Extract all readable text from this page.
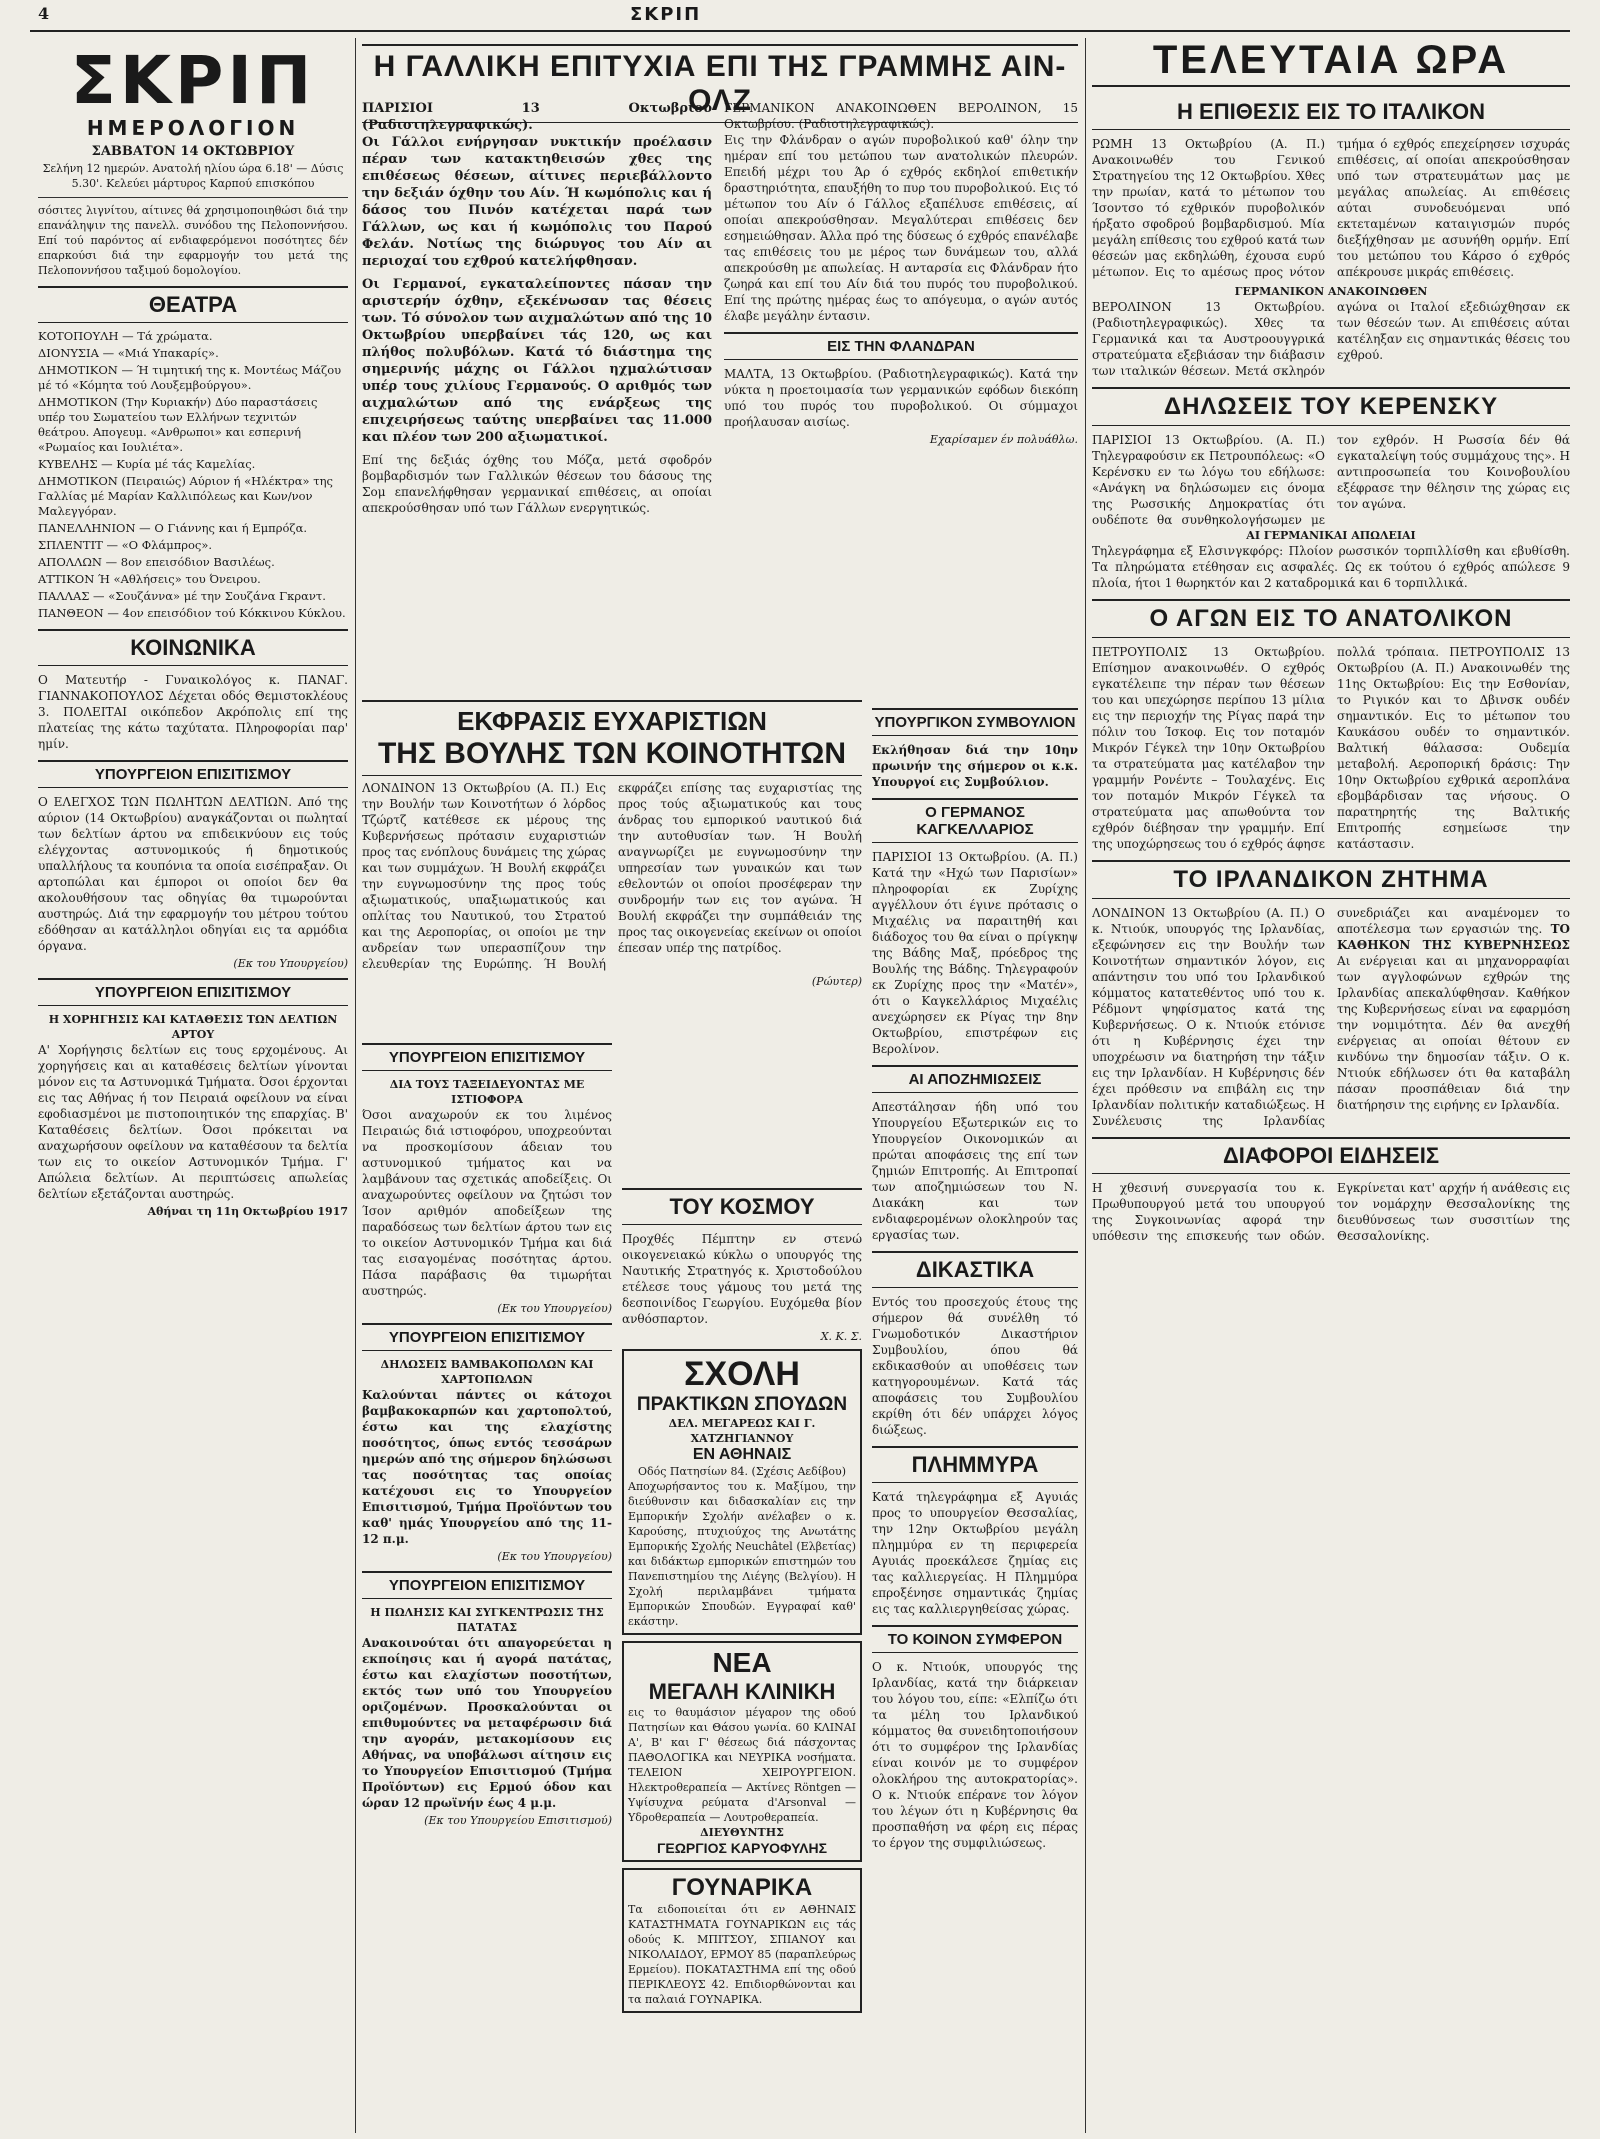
4	ΣΚΡΙΠ
ΣΚΡΙΠ
ΗΜΕΡΟΛΟΓΙΟΝ
ΣΑΒΒΑΤΟΝ 14 ΟΚΤΩΒΡΙΟΥ
Σελήνη 12 ημερών. Ανατολή ηλίου ώρα 6.18' — Δύσις 5.30'. Κελεύει μάρτυρος Καρπού επισκόπου
σόσιτες λιγνίτου, αίτινες θά χρησιμοποιηθώσι διά την επανάληψιν της πανελλ. συνόδου της Πελοποννήσου. Επί τού παρόντος αί ενδιαφερόμενοι ποσότητες δέν επαρκούσι διά την εφαρμογήν του μετά της Πελοποννήσου ταξιμού δομολογίου.
ΘΕΑΤΡΑ

ΚΟΤΟΠΟΥΛΗ — Τά χρώματα.

ΔΙΟΝΥΣΙΑ — «Μιά Υπακαρίς».

ΔΗΜΟΤΙΚΟΝ — Ή τιμητική της κ. Μοντέως Μάζου μέ τό «Κόμητα τού Λουξεμβούργου».

ΔΗΜΟΤΙΚΟΝ (Την Κυριακήν) Δύο παραστάσεις υπέρ του Σωματείου των Ελλήνων τεχνιτών θεάτρου. Απογευμ. «Ανθρωποι» και εσπερινή «Ρωμαίος και Ιουλιέτα».

ΚΥΒΕΛΗΣ — Κυρία μέ τάς Καμελίας.

ΔΗΜΟΤΙΚΟΝ (Πειραιώς) Αύριον ή «Ηλέκτρα» της Γαλλίας μέ Μαρίαν Καλλιπόλεως και Κων/νον Μαλεγγόραν.

ΠΑΝΕΛΛΗΝΙΟΝ — Ο Γιάννης και ή Εμπρόζα.

ΣΠΛΕΝΤΙΤ — «Ο Φλάμπρος».

ΑΠΟΛΛΩΝ — 8ον επεισόδιον Βασιλέως.

ΑΤΤΙΚΟΝ Ή «Αθλήσεις» του Όνειρου.

ΠΑΛΛΑΣ — «Σουζάννα» μέ την Σουζάνα Γκραντ.

ΠΑΝΘΕΟΝ — 4ον επεισόδιον τού Κόκκινου Κύκλου.

ΚΟΙΝΩΝΙΚΑ
Ο Ματευτήρ - Γυναικολόγος κ. ΠΑΝΑΓ. ΓΙΑΝΝΑΚΟΠΟΥΛΟΣ Δέχεται οδός Θεμιστοκλέους 3. ΠΟΛΕΙΤΑΙ οικόπεδον Ακρόπολις επί της πλατείας της κάτω ταχύτατα. Πληροφορίαι παρ' ημίν.
ΥΠΟΥΡΓΕΙΟΝ ΕΠΙΣΙΤΙΣΜΟΥ
Ο ΕΛΕΓΧΟΣ ΤΩΝ ΠΩΛΗΤΩΝ ΔΕΛΤΙΩΝ. Από της αύριον (14 Οκτωβρίου) αναγκάζονται οι πωληταί των δελτίων άρτου να επιδεικνύουν εις τούς ελέγχοντας αστυνομικούς ή δημοτικούς υπαλλήλους τα κουπόνια τα οποία εισέπραξαν. Οι αρτοπώλαι και έμποροι οι οποίοι δεν θα ακολουθήσουν τας οδηγίας θα τιμωρούνται αυστηρώς. Διά την εφαρμογήν του μέτρου τούτου εδόθησαν αι κατάλληλοι οδηγίαι εις τα αρμόδια όργανα.
(Εκ του Υπουργείου)
ΥΠΟΥΡΓΕΙΟΝ ΕΠΙΣΙΤΙΣΜΟΥ
Η ΧΟΡΗΓΗΣΙΣ ΚΑΙ ΚΑΤΑΘΕΣΙΣ ΤΩΝ ΔΕΛΤΙΩΝ ΑΡΤΟΥ
Α' Χορήγησις δελτίων εις τους ερχομένους. Αι χορηγήσεις και αι καταθέσεις δελτίων γίνονται μόνον εις τα Αστυνομικά Τμήματα. Όσοι έρχονται εις τας Αθήνας ή τον Πειραιά οφείλουν να είναι εφοδιασμένοι με πιστοποιητικόν της επαρχίας. Β' Καταθέσεις δελτίων. Όσοι πρόκειται να αναχωρήσουν οφείλουν να καταθέσουν τα δελτία των εις το οικείον Αστυνομικόν Τμήμα. Γ' Απώλεια δελτίων. Αι περιπτώσεις απωλείας δελτίων εξετάζονται αυστηρώς.
Αθήναι τη 11η Οκτωβρίου 1917
Η ΓΑΛΛΙΚΗ ΕΠΙΤΥΧΙΑ ΕΠΙ ΤΗΣ ΓΡΑΜΜΗΣ ΑΙΝ-ΟΛΖ
ΠΑΡΙΣΙΟΙ 13 Οκτωβρίου (Ραδιοτηλεγραφικώς).
Οι Γάλλοι ενήργησαν νυκτικήν προέλασιν πέραν των κατακτηθεισών χθες της επιθέσεως θέσεων, αίτινες περιεβάλλοντο την δεξιάν όχθην του Αίν. Ή κωμόπολις και ή δάσος του Πινόν κατέχεται παρά των Γάλλων, ως και ή κωμόπολις του Παρού Φελάν. Νοτίως της διώρυγος του Αίν αι περιοχαί του εχθρού κατελήφθησαν.
Οι Γερμανοί, εγκαταλείποντες πάσαν την αριστερήν όχθην, εξεκένωσαν τας θέσεις των. Τό σύνολον των αιχμαλώτων από της 10 Οκτωβρίου υπερβαίνει τάς 120, ως και πλήθος πολυβόλων. Κατά τό διάστημα της σημερινής μάχης οι Γάλλοι ηχμαλώτισαν υπέρ τους χιλίους Γερμανούς. Ο αριθμός των αιχμαλώτων από της ενάρξεως της επιχειρήσεως ταύτης υπερβαίνει τας 11.000 και πλέον των 200 αξιωματικοί.
Επί της δεξιάς όχθης του Μόζα, μετά σφοδρόν βομβαρδισμόν των Γαλλικών θέσεων του δάσους της Σομ επανελήφθησαν γερμανικαί επιθέσεις, αι οποίαι απεκρούσθησαν υπό των Γάλλων ενεργητικώς.
ΓΕΡΜΑΝΙΚΟΝ ΑΝΑΚΟΙΝΩΘΕΝ ΒΕΡΟΛΙΝΟΝ, 15 Οκτωβρίου. (Ραδιοτηλεγραφικώς).
Εις την Φλάνδραν ο αγών πυροβολικού καθ' όλην την ημέραν επί του μετώπου των ανατολικών πλευρών. Επειδή μέχρι του Άρ ό εχθρός εκδηλοί επιθετικήν δραστηριότητα, επαυξήθη το πυρ του πυροβολικού. Εις τό μέτωπον του Αίν ό Γάλλος εξαπέλυσε επιθέσεις, αί οποίαι απεκρούσθησαν. Μεγαλύτεραι επιθέσεις δεν εσημειώθησαν. Άλλα πρό της δύσεως ό εχθρός επανέλαβε τας επιθέσεις του με μέρος των δυνάμεων του, αλλά απεκρούσθη με απωλείας. Η ανταρσία εις Φλάνδραν ήτο ζωηρά και επί του Αίν διά του πυρός του πυροβολικού. Επί της πρώτης ημέρας έως το απόγευμα, ο αγών αυτός έλαβε μεγάλην έντασιν.
ΕΙΣ ΤΗΝ ΦΛΑΝΔΡΑΝ
ΜΑΛΤΑ, 13 Οκτωβρίου. (Ραδιοτηλεγραφικώς). Κατά την νύκτα η προετοιμασία των γερμανικών εφόδων διεκόπη υπό του πυρός του πυροβολικού. Οι σύμμαχοι προήλαυσαν αισίως.
Εχαρίσαμεν έν πολυάθλω.
ΕΚΦΡΑΣΙΣ ΕΥΧΑΡΙΣΤΙΩΝ
ΤΗΣ ΒΟΥΛΗΣ ΤΩΝ ΚΟΙΝΟΤΗΤΩΝ
ΛΟΝΔΙΝΟΝ 13 Οκτωβρίου (Α. Π.) Εις την Βουλήν των Κοινοτήτων ό λόρδος Τζώρτζ κατέθεσε εκ μέρους της Κυβερνήσεως πρότασιν ευχαριστιών προς τας ενόπλους δυνάμεις της χώρας και των συμμάχων. Ή Βουλή εκφράζει την ευγνωμοσύνην της προς τούς αξιωματικούς, υπαξιωματικούς και οπλίτας του Ναυτικού, του Στρατού και της Αεροπορίας, οι οποίοι με την ανδρείαν των υπερασπίζουν την ελευθερίαν της Ευρώπης. Ή Βουλή εκφράζει επίσης τας ευχαριστίας της προς τούς αξιωματικούς και τους άνδρας του εμπορικού ναυτικού διά την αυτοθυσίαν των. Ή Βουλή αναγνωρίζει με ευγνωμοσύνην την υπηρεσίαν των γυναικών και των εθελοντών οι οποίοι προσέφεραν την συνδρομήν των εις τον αγώνα. Ή Βουλή εκφράζει την συμπάθειάν της προς τας οικογενείας εκείνων οι οποίοι έπεσαν υπέρ της πατρίδος.
(Ρώυτερ)
ΥΠΟΥΡΓΕΙΟΝ ΕΠΙΣΙΤΙΣΜΟΥ
ΔΙΑ ΤΟΥΣ ΤΑΞΕΙΔΕΥΟΝΤΑΣ ΜΕ ΙΣΤΙΟΦΟΡΑ
Όσοι αναχωρούν εκ του λιμένος Πειραιώς διά ιστιοφόρου, υποχρεούνται να προσκομίσουν άδειαν του αστυνομικού τμήματος και να λαμβάνουν τας σχετικάς αποδείξεις. Οι αναχωρούντες οφείλουν να ζητώσι τον Ίσον αριθμόν αποδείξεων της παραδόσεως των δελτίων άρτου των εις το οικείον Αστυνομικόν Τμήμα και διά τας εισαγομένας ποσότητας άρτου. Πάσα παράβασις θα τιμωρήται αυστηρώς.
(Εκ του Υπουργείου)
ΥΠΟΥΡΓΕΙΟΝ ΕΠΙΣΙΤΙΣΜΟΥ
ΔΗΛΩΣΕΙΣ ΒΑΜΒΑΚΟΠΩΛΩΝ ΚΑΙ ΧΑΡΤΟΠΩΛΩΝ
Καλούνται πάντες οι κάτοχοι βαμβακοκαρπών και χαρτοπολτού, έστω και της ελαχίστης ποσότητος, όπως εντός τεσσάρων ημερών από της σήμερον δηλώσωσι τας ποσότητας τας οποίας κατέχουσι εις το Υπουργείον Επισιτισμού, Τμήμα Προϊόντων του καθ' ημάς Υπουργείου από της 11-12 π.μ.
(Εκ του Υπουργείου)
ΥΠΟΥΡΓΕΙΟΝ ΕΠΙΣΙΤΙΣΜΟΥ
Η ΠΩΛΗΣΙΣ ΚΑΙ ΣΥΓΚΕΝΤΡΩΣΙΣ ΤΗΣ ΠΑΤΑΤΑΣ
Ανακοινούται ότι απαγορεύεται η εκποίησις και ή αγορά πατάτας, έστω και ελαχίστων ποσοτήτων, εκτός των υπό του Υπουργείου οριζομένων. Προσκαλούνται οι επιθυμούντες να μεταφέρωσιν διά την αγοράν, μετακομίσουν εις Αθήνας, να υποβάλωσι αίτησιν εις το Υπουργείον Επισιτισμού (Τμήμα Προϊόντων) εις Ερμού όδον και ώραν 12 πρωϊνήν έως 4 μ.μ.
(Εκ του Υπουργείου Επισιτισμού)
ΤΟΥ ΚΟΣΜΟΥ
Προχθές Πέμπτην εν στενώ οικογενειακώ κύκλω ο υπουργός της Ναυτικής Στρατηγός κ. Χριστοδούλου ετέλεσε τους γάμους του μετά της δεσποινίδος Γεωργίου. Ευχόμεθα βίον ανθόσπαρτον.
Χ. Κ. Σ.
ΣΧΟΛΗ
ΠΡΑΚΤΙΚΩΝ ΣΠΟΥΔΩΝ
ΔΕΛ. ΜΕΓΑΡΕΩΣ ΚΑΙ Γ. ΧΑΤΖΗΓΙΑΝΝΟΥ
ΕΝ ΑΘΗΝΑΙΣ
Οδός Πατησίων 84. (Σχέσις Αεδίβου)
Αποχωρήσαντος του κ. Μαξίμου, την διεύθυνσιν και διδασκαλίαν εις την Εμπορικήν Σχολήν ανέλαβεν ο κ. Καρούσης, πτυχιούχος της Ανωτάτης Εμπορικής Σχολής Neuchâtel (Ελβετίας) και διδάκτωρ εμπορικών επιστημών του Πανεπιστημίου της Λιέγης (Βελγίου). Η Σχολή περιλαμβάνει τμήματα Εμπορικών Σπουδών. Εγγραφαί καθ' εκάστην.
ΝΕΑ
ΜΕΓΑΛΗ ΚΛΙΝΙΚΗ
εις το θαυμάσιον μέγαρον της οδού Πατησίων και Θάσου γωνία. 60 ΚΛΙΝΑΙ Α', Β' και Γ' θέσεως διά πάσχοντας ΠΑΘΟΛΟΓΙΚΑ και ΝΕΥΡΙΚΑ νοσήματα. ΤΕΛΕΙΟΝ ΧΕΙΡΟΥΡΓΕΙΟΝ. Ηλεκτροθεραπεία — Ακτίνες Röntgen — Υψίσυχνα ρεύματα d'Arsonval — Υδροθεραπεία — Λουτροθεραπεία.
ΔΙΕΥΘΥΝΤΗΣ
ΓΕΩΡΓΙΟΣ ΚΑΡΥΟΦΥΛΗΣ
ΓΟΥΝΑΡΙΚΑ
Τα ειδοποιείται ότι εν ΑΘΗΝΑΙΣ ΚΑΤΑΣΤΗΜΑΤΑ ΓΟΥΝΑΡΙΚΩΝ εις τάς οδούς Κ. ΜΠΙΤΣΟΥ, ΣΠΙΑΝΟΥ και ΝΙΚΟΛΑΙΔΟΥ, ΕΡΜΟΥ 85 (παραπλεύρως Ερμείου). ΠΟΚΑΤΑΣΤΗΜΑ επί της οδού ΠΕΡΙΚΛΕΟΥΣ 42. Επιδιορθώνονται και τα παλαιά ΓΟΥΝΑΡΙΚΑ.
ΥΠΟΥΡΓΙΚΟΝ ΣΥΜΒΟΥΛΙΟΝ
Εκλήθησαν διά την 10ην πρωινήν της σήμερον οι κ.κ. Υπουργοί εις Συμβούλιον.
Ο ΓΕΡΜΑΝΟΣ ΚΑΓΚΕΛΛΑΡΙΟΣ
ΠΑΡΙΣΙΟΙ 13 Οκτωβρίου. (Α. Π.) Κατά την «Ηχώ των Παρισίων» πληροφορίαι εκ Ζυρίχης αγγέλλουν ότι έγινε πρότασις ο Μιχαέλις να παραιτηθή και διάδοχος του θα είναι ο πρίγκηψ της Βάδης Μαξ, πρόεδρος της Βουλής της Βάδης. Τηλεγραφούν εκ Ζυρίχης προς την «Ματέν», ότι ο Καγκελλάριος Μιχαέλις ανεχώρησεν εκ Ρίγας την 8ην Οκτωβρίου, επιστρέφων εις Βερολίνον.
ΑΙ ΑΠΟΖΗΜΙΩΣΕΙΣ
Απεστάλησαν ήδη υπό του Υπουργείου Εξωτερικών εις το Υπουργείον Οικονομικών αι πρώται αποφάσεις της επί των ζημιών Επιτροπής. Αι Επιτροπαί των αποζημιώσεων του Ν. Διακάκη και των ενδιαφερομένων ολοκληρούν τας εργασίας των.
ΔΙΚΑΣΤΙΚΑ
Εντός του προσεχούς έτους της σήμερον θά συνέλθη τό Γνωμοδοτικόν Δικαστήριον Συμβουλίου, όπου θά εκδικασθούν αι υποθέσεις των κατηγορουμένων. Κατά τάς αποφάσεις του Συμβουλίου εκρίθη ότι δέν υπάρχει λόγος διώξεως.
ΠΛΗΜΜΥΡΑ
Κατά τηλεγράφημα εξ Αγυιάς προς το υπουργείον Θεσσαλίας, την 12ην Οκτωβρίου μεγάλη πλημμύρα εν τη περιφερεία Αγυιάς προεκάλεσε ζημίας εις τας καλλιεργείας. Η Πλημμύρα επροξένησε σημαντικάς ζημίας εις τας καλλιεργηθείσας χώρας.
ΤΟ ΚΟΙΝΟΝ ΣΥΜΦΕΡΟΝ
Ο κ. Ντιούκ, υπουργός της Ιρλανδίας, κατά την διάρκειαν του λόγου του, είπε: «Ελπίζω ότι τα μέλη του Ιρλανδικού κόμματος θα συνειδητοποιήσουν ότι το συμφέρον της Ιρλανδίας είναι κοινόν με το συμφέρον ολοκλήρου της αυτοκρατορίας». Ο κ. Ντιούκ επέρανε τον λόγον του λέγων ότι η Κυβέρνησις θα προσπαθήση να φέρη εις πέρας το έργον της συμφιλιώσεως.
ΤΕΛΕΥΤΑΙΑ ΩΡΑ
Η ΕΠΙΘΕΣΙΣ ΕΙΣ ΤΟ ΙΤΑΛΙΚΟΝ
ΡΩΜΗ 13 Οκτωβρίου (Α. Π.) Ανακοινωθέν του Γενικού Στρατηγείου της 12 Οκτωβρίου. Χθες την πρωίαν, κατά το μέτωπον του Ίσοντσο τό εχθρικόν πυροβολικόν ήρξατο σφοδρού βομβαρδισμού. Μία μεγάλη επίθεσις του εχθρού κατά των θέσεών μας εκδηλώθη, έχουσα ευρύ μέτωπον. Εις το αμέσως προς νότον τμήμα ό εχθρός επεχείρησεν ισχυράς επιθέσεις, αί οποίαι απεκρούσθησαν υπό των στρατευμάτων μας με μεγάλας απωλείας. Αι επιθέσεις αύται συνοδευόμεναι υπό εκτεταμένων καταιγισμών πυρός διεξήχθησαν με ασυνήθη ορμήν. Επί του μετώπου του Κάρσο ό εχθρός απέκρουσε μικράς επιθέσεις.
ΓΕΡΜΑΝΙΚΟΝ ΑΝΑΚΟΙΝΩΘΕΝ
ΒΕΡΟΛΙΝΟΝ 13 Οκτωβρίου. (Ραδιοτηλεγραφικώς). Χθες τα Γερμανικά και τα Αυστροουγγρικά στρατεύματα εξεβιάσαν την διάβασιν των ιταλικών θέσεων. Μετά σκληρόν αγώνα οι Ιταλοί εξεδιώχθησαν εκ των θέσεών των. Αι επιθέσεις αύται κατέληξαν εις σημαντικάς θέσεις του εχθρού.
ΔΗΛΩΣΕΙΣ ΤΟΥ ΚΕΡΕΝΣΚΥ
ΠΑΡΙΣΙΟΙ 13 Οκτωβρίου. (Α. Π.) Τηλεγραφούσιν εκ Πετρουπόλεως: «Ο Κερένσκυ εν τω λόγω του εδήλωσε: «Ανάγκη να δηλώσωμεν εις όνομα της Ρωσσικής Δημοκρατίας ότι ουδέποτε θα συνθηκολογήσωμεν με τον εχθρόν. Η Ρωσσία δέν θά εγκαταλείψη τούς συμμάχους της». Η αντιπροσωπεία του Κοινοβουλίου εξέφρασε την θέλησιν της χώρας εις τον αγώνα.
ΑΙ ΓΕΡΜΑΝΙΚΑΙ ΑΠΩΛΕΙΑΙ
Τηλεγράφημα εξ Ελσινγκφόρς: Πλοίον ρωσσικόν τορπιλλίσθη και εβυθίσθη. Τα πληρώματα ετέθησαν εις ασφαλές. Ως εκ τούτου ό εχθρός απώλεσε 9 πλοία, ήτοι 1 θωρηκτόν και 2 καταδρομικά και 6 τορπιλλικά.
Ο ΑΓΩΝ ΕΙΣ ΤΟ ΑΝΑΤΟΛΙΚΟΝ
ΠΕΤΡΟΥΠΟΛΙΣ 13 Οκτωβρίου. Επίσημον ανακοινωθέν. Ο εχθρός εγκατέλειπε την πέραν των θέσεων του και υπεχώρησε περίπου 13 μίλια εις την περιοχήν της Ρίγας παρά την πόλιν του Ίσκοφ. Εις τον ποταμόν Μικρόν Γέγκελ την 10ην Οκτωβρίου τα στρατεύματα μας κατέλαβον την γραμμήν Ρονέντε – Τουλαχένς. Εις τον ποταμόν Μικρόν Γέγκελ τα στρατεύματα μας απωθούντα τον εχθρόν διέβησαν την γραμμήν. Επί της υποχώρησεως του ό εχθρός άφησε πολλά τρόπαια. ΠΕΤΡΟΥΠΟΛΙΣ 13 Οκτωβρίου (Α. Π.) Ανακοινωθέν της 11ης Οκτωβρίου: Εις την Εσθονίαν, το Ριγικόν και το Δβινσκ ουδέν σημαντικόν. Εις το μέτωπον του Καυκάσου ουδέν το σημαντικόν. Βαλτική θάλασσα: Ουδεμία μεταβολή. Αεροπορική δράσις: Την 10ην Οκτωβρίου εχθρικά αεροπλάνα εβομβάρδισαν τας νήσους. Ο παρατηρητής της Βαλτικής Επιτροπής εσημείωσε την κατάστασιν.
ΤΟ ΙΡΛΑΝΔΙΚΟΝ ΖΗΤΗΜΑ
ΛΟΝΔΙΝΟΝ 13 Οκτωβρίου (Α. Π.) Ο κ. Ντιούκ, υπουργός της Ιρλανδίας, εξεφώνησεν εις την Βουλήν των Κοινοτήτων σημαντικόν λόγον, εις απάντησιν του υπό του Ιρλανδικού κόμματος κατατεθέντος υπό του κ. Ρέδμοντ ψηφίσματος κατά της Κυβερνήσεως. Ο κ. Ντιούκ ετόνισε ότι η Κυβέρνησις έχει την υποχρέωσιν να διατηρήση την τάξιν εις την Ιρλανδίαν. Η Κυβέρνησις δέν έχει πρόθεσιν να επιβάλη εις την Ιρλανδίαν πολιτικήν καταδιώξεως. Η Συνέλευσις της Ιρλανδίας συνεδριάζει και αναμένομεν το αποτέλεσμα των εργασιών της. ΤΟ ΚΑΘΗΚΟΝ ΤΗΣ ΚΥΒΕΡΝΗΣΕΩΣ Αι ενέργειαι και αι μηχανορραφίαι των αγγλοφώνων εχθρών της Ιρλανδίας απεκαλύφθησαν. Καθήκον της Κυβερνήσεως είναι να εφαρμόση την νομιμότητα. Δέν θα ανεχθή ενέργειας αι οποίαι θέτουν εν κινδύνω την δημοσίαν τάξιν. Ο κ. Ντιούκ εδήλωσεν ότι θα καταβάλη πάσαν προσπάθειαν διά την διατήρησιν της ειρήνης εν Ιρλανδία.
ΔΙΑΦΟΡΟΙ ΕΙΔΗΣΕΙΣ
Η χθεσινή συνεργασία του κ. Πρωθυπουργού μετά του υπουργού της Συγκοινωνίας αφορά την υπόθεσιν της επισκευής των οδών. Εγκρίνεται κατ' αρχήν ή ανάθεσις εις τον νομάρχην Θεσσαλονίκης της διευθύνσεως των συσσιτίων της Θεσσαλονίκης.
